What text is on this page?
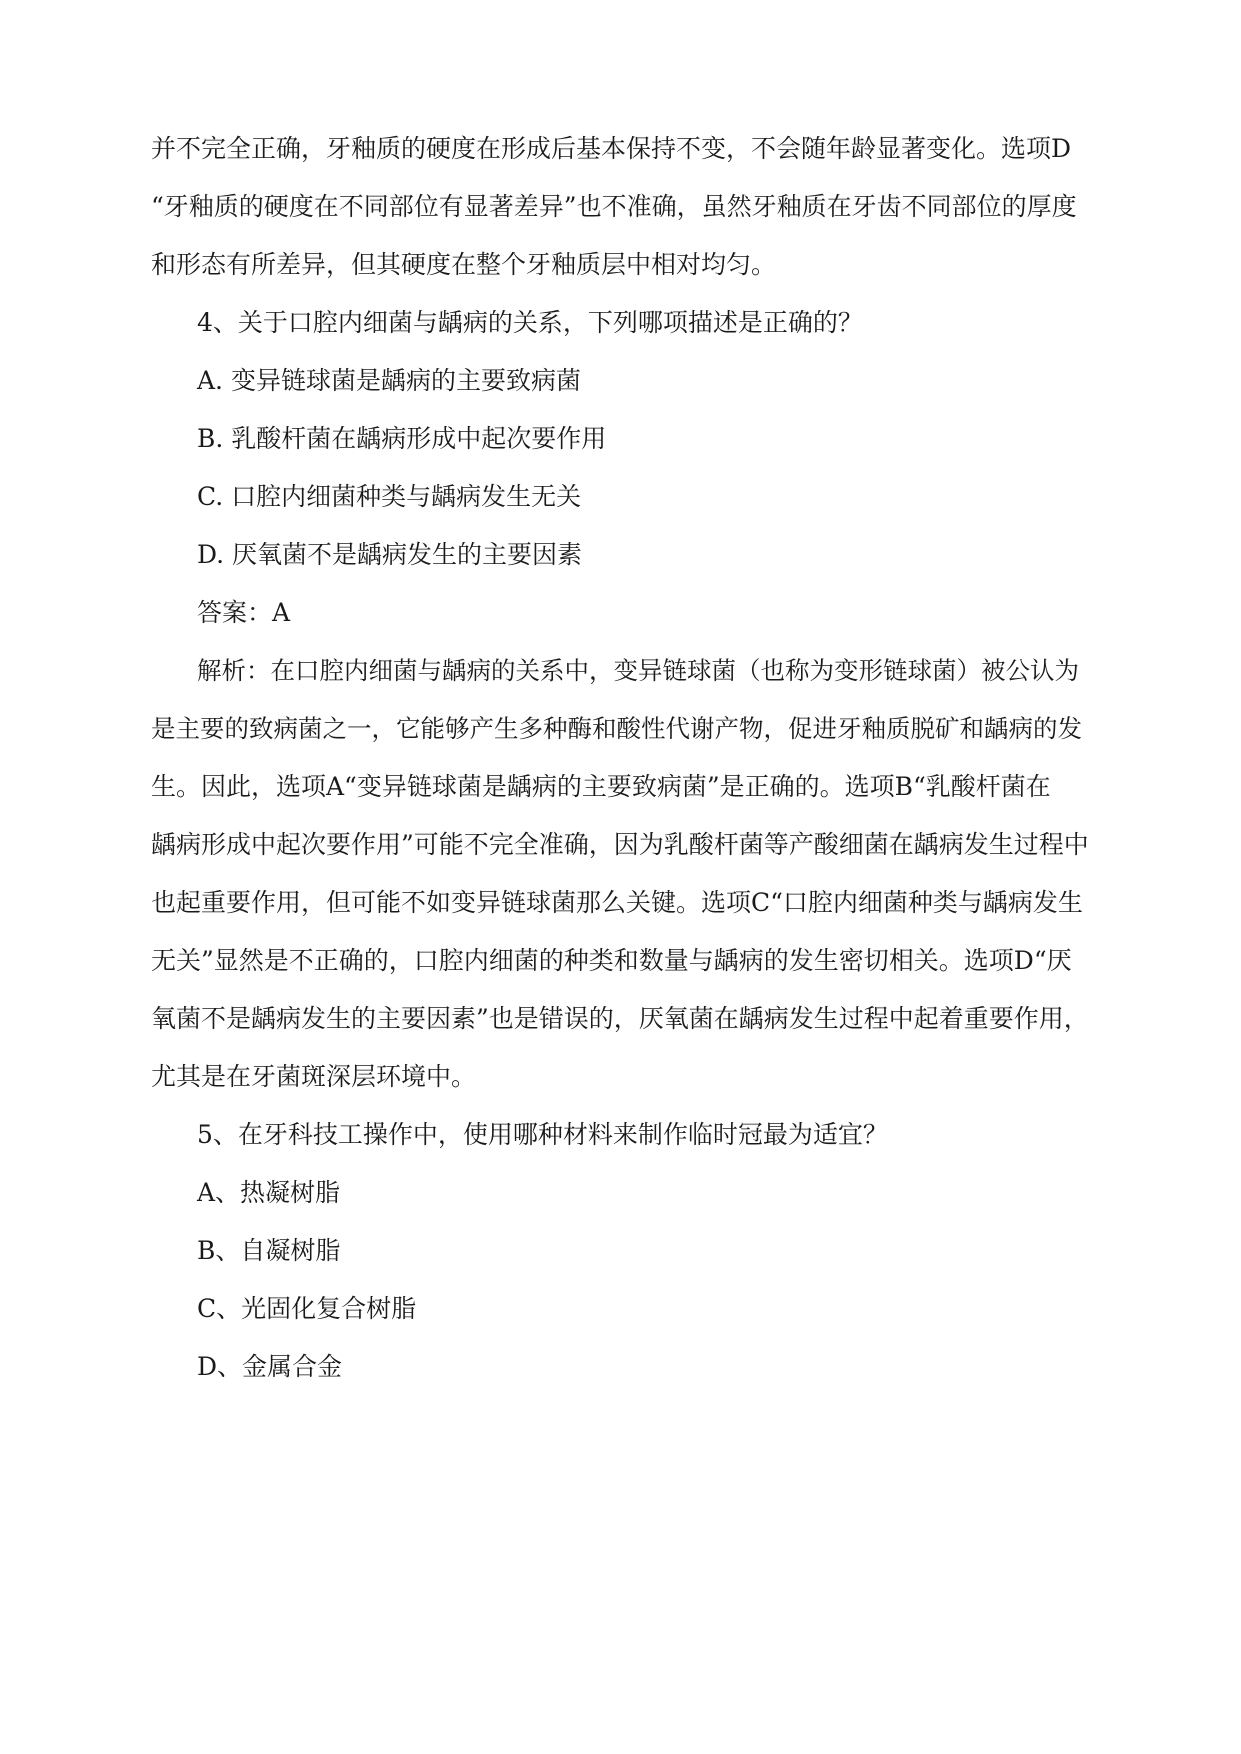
并不完全正确，牙釉质的硬度在形成后基本保持不变，不会随年龄显著变化。选项D
“牙釉质的硬度在不同部位有显著差异”也不准确，虽然牙釉质在牙齿不同部位的厚度
和形态有所差异，但其硬度在整个牙釉质层中相对均匀。
4、关于口腔内细菌与龋病的关系，下列哪项描述是正确的？
A. 变异链球菌是龋病的主要致病菌
B. 乳酸杆菌在龋病形成中起次要作用
C. 口腔内细菌种类与龋病发生无关
D. 厌氧菌不是龋病发生的主要因素
答案：A
解析：在口腔内细菌与龋病的关系中，变异链球菌（也称为变形链球菌）被公认为
是主要的致病菌之一，它能够产生多种酶和酸性代谢产物，促进牙釉质脱矿和龋病的发
生。因此，选项A“变异链球菌是龋病的主要致病菌”是正确的。选项B“乳酸杆菌在
龋病形成中起次要作用”可能不完全准确，因为乳酸杆菌等产酸细菌在龋病发生过程中
也起重要作用，但可能不如变异链球菌那么关键。选项C“口腔内细菌种类与龋病发生
无关”显然是不正确的，口腔内细菌的种类和数量与龋病的发生密切相关。选项D“厌
氧菌不是龋病发生的主要因素”也是错误的，厌氧菌在龋病发生过程中起着重要作用，
尤其是在牙菌斑深层环境中。
5、在牙科技工操作中，使用哪种材料来制作临时冠最为适宜？
A、热凝树脂
B、自凝树脂
C、光固化复合树脂
D、金属合金
